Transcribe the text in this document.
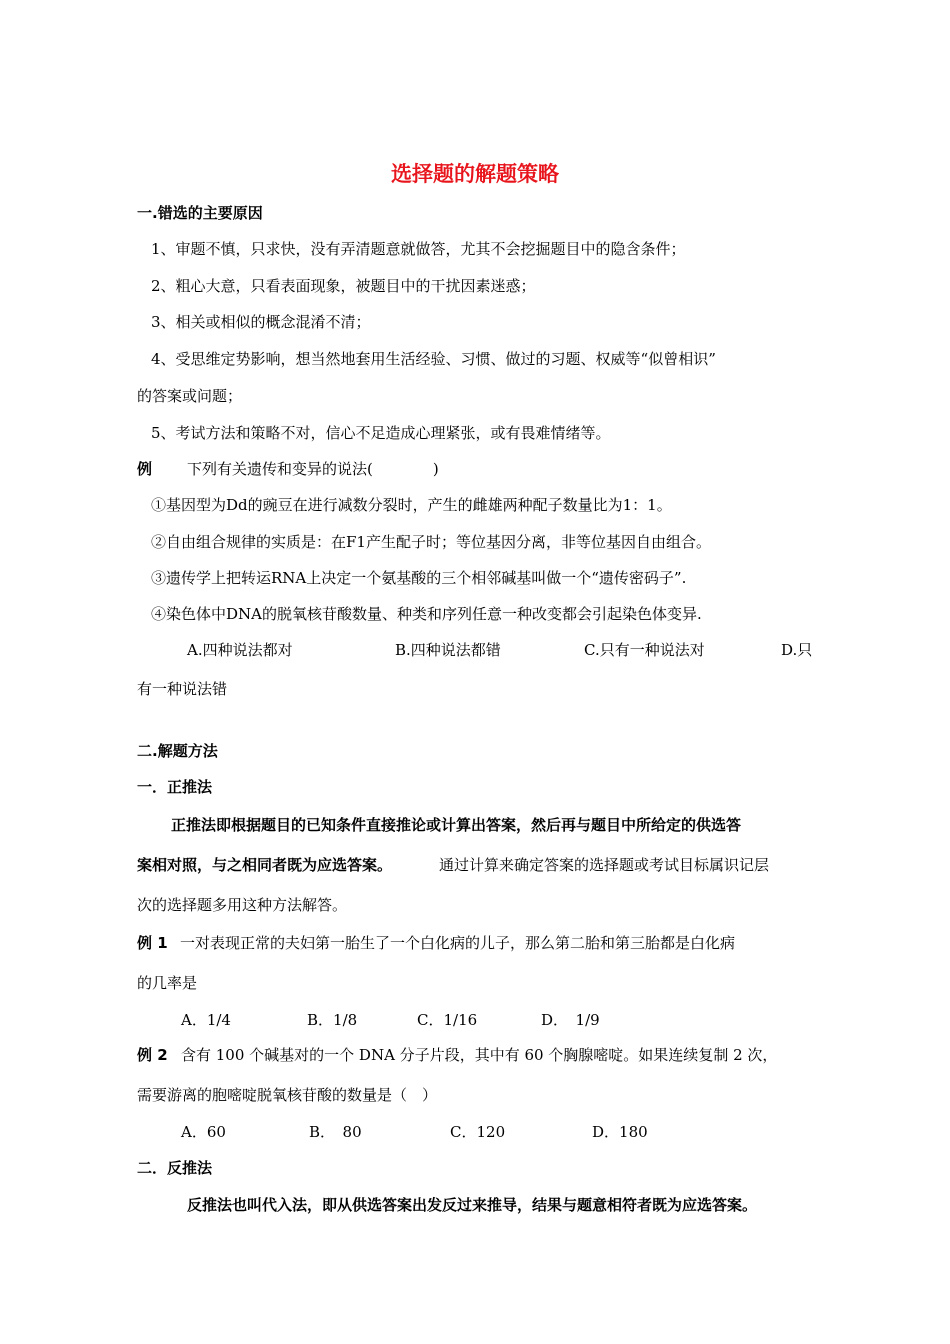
选择题的解题策略
一.错选的主要原因
1、审题不慎，只求快，没有弄清题意就做答，尤其不会挖掘题目中的隐含条件；
2、粗心大意，只看表面现象，被题目中的干扰因素迷惑；
3、相关或相似的概念混淆不清；
4、受思维定势影响，想当然地套用生活经验、习惯、做过的习题、权威等“似曾相识”
的答案或问题；
5、考试方法和策略不对，信心不足造成心理紧张，或有畏难情绪等。
例 下列有关遗传和变异的说法(　　　　)
①基因型为Dd的豌豆在进行减数分裂时，产生的雌雄两种配子数量比为1：1。
②自由组合规律的实质是：在F1产生配子时；等位基因分离，非等位基因自由组合。
③遗传学上把转运RNA上决定一个氨基酸的三个相邻碱基叫做一个“遗传密码子”.
④染色体中DNA的脱氧核苷酸数量、种类和序列任意一种改变都会引起染色体变异.
A.四种说法都对	B.四种说法都错	C.只有一种说法对	D.只
有一种说法错
二.解题方法
一．正推法
正推法即根据题目的已知条件直接推论或计算出答案，然后再与题目中所给定的供选答
案相对照，与之相同者既为应选答案。	通过计算来确定答案的选择题或考试目标属识记层
次的选择题多用这种方法解答。
例 1 一对表现正常的夫妇第一胎生了一个白化病的儿子，那么第二胎和第三胎都是白化病
的几率是
A．1/4	B．1/8	C．1/16	D．　1/9
例 2 含有 100 个碱基对的一个 DNA 分子片段，其中有 60 个胸腺嘧啶。如果连续复制 2 次，
需要游离的胞嘧啶脱氧核苷酸的数量是（　）
A．60	B．　80	C．120	D．180
二．反推法
反推法也叫代入法，即从供选答案出发反过来推导，结果与题意相符者既为应选答案。
